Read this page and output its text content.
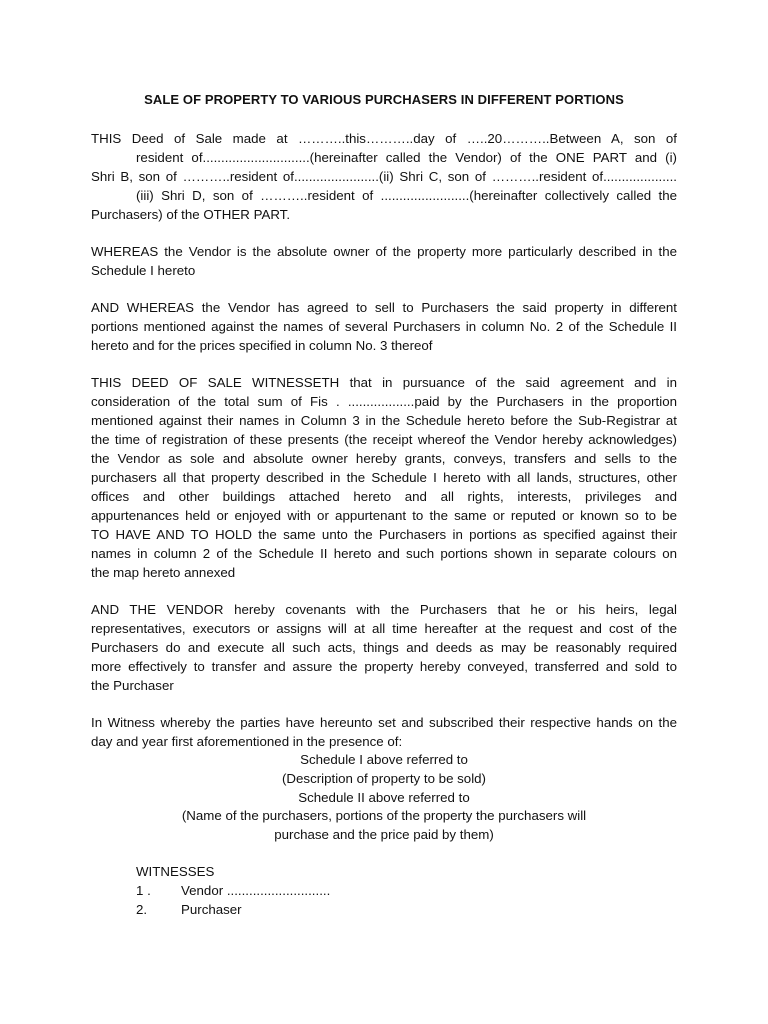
SALE OF PROPERTY TO VARIOUS PURCHASERS IN DIFFERENT PORTIONS
THIS Deed of Sale made at ………..this………..day of …..20………..Between A, son of
resident of.............................(hereinafter called the Vendor) of the ONE PART and (i)
Shri B, son of ………..resident of.......................(ii) Shri C, son of ………..resident of....................
(iii) Shri D, son of ………..resident of ........................(hereinafter collectively called the
Purchasers) of the OTHER PART.
WHEREAS the Vendor is the absolute owner of the property more particularly described in the
Schedule I hereto
AND WHEREAS the Vendor has agreed to sell to Purchasers the said property in different
portions mentioned against the names of several Purchasers in column No. 2 of the Schedule II
hereto and for the prices specified in column No. 3 thereof
THIS DEED OF SALE WITNESSETH that in pursuance of the said agreement and in
consideration of the total sum of Fis . ..................paid by the Purchasers in the proportion
mentioned against their names in Column 3 in the Schedule hereto before the Sub-Registrar at
the time of registration of these presents (the receipt whereof the Vendor hereby acknowledges)
the Vendor as sole and absolute owner hereby grants, conveys, transfers and sells to the
purchasers all that property described in the Schedule I hereto with all lands, structures, other
offices and other buildings attached hereto and all rights, interests, privileges and
appurtenances held or enjoyed with or appurtenant to the same or reputed or known so to be
TO HAVE AND TO HOLD the same unto the Purchasers in portions as specified against their
names in column 2 of the Schedule II hereto and such portions shown in separate colours on
the map hereto annexed
AND THE VENDOR hereby covenants with the Purchasers that he or his heirs, legal
representatives, executors or assigns will at all time hereafter at the request and cost of the
Purchasers do and execute all such acts, things and deeds as may be reasonably required
more effectively to transfer and assure the property hereby conveyed, transferred and sold to
the Purchaser
In Witness whereby the parties have hereunto set and subscribed their respective hands on the
day and year first aforementioned in the presence of:
Schedule I above referred to
(Description of property to be sold)
Schedule II above referred to
(Name of the purchasers, portions of the property the purchasers will
purchase and the price paid by them)
WITNESSES
1 . Vendor ............................
2.	Purchaser
